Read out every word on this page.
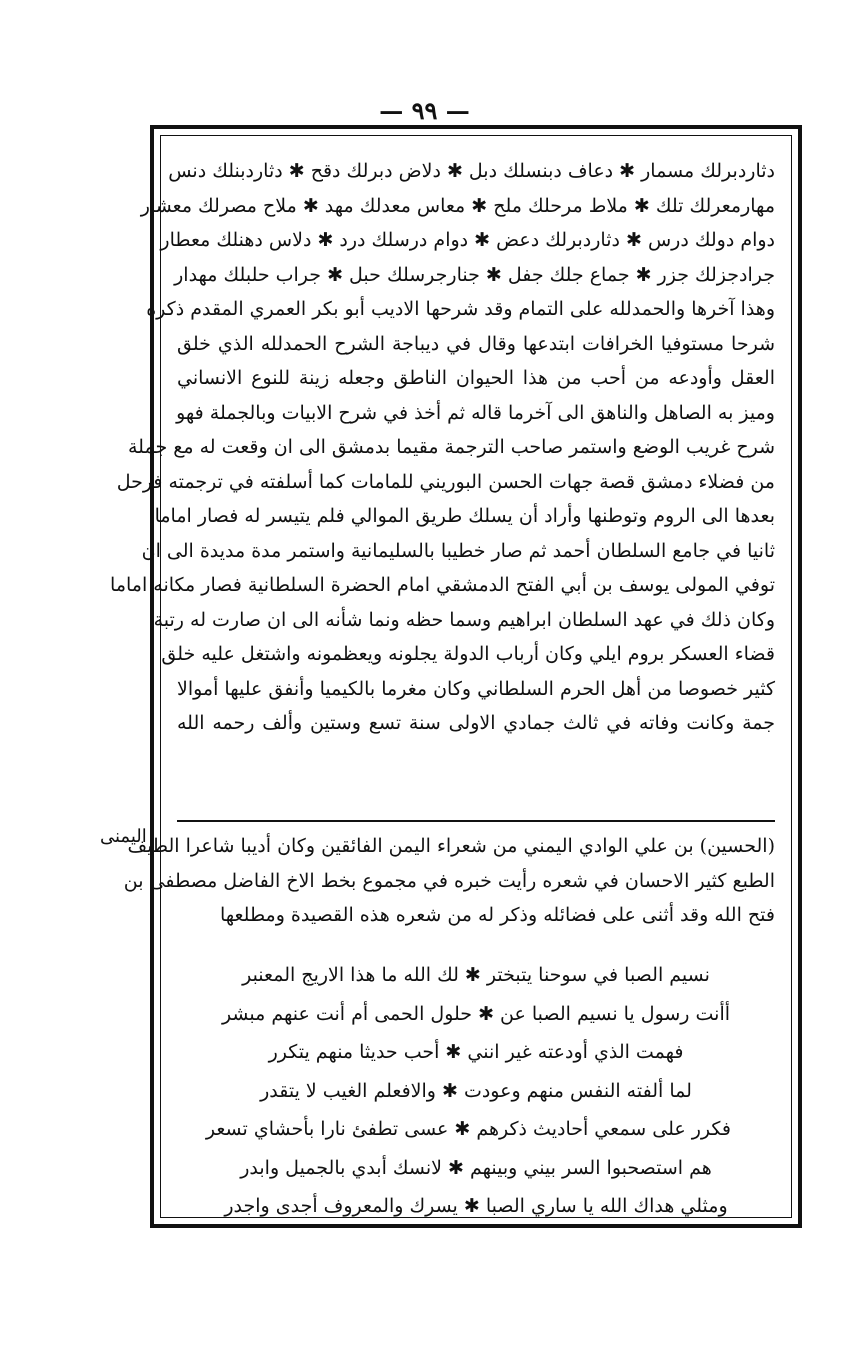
— ٩٩ —
اليمنى
دثاردبرلك مسمار ✱ دعاف دبنسلك دبل ✱ دلاض دبرلك دقح ✱ دثاردبنلك دنس
مهارمعرلك تلك ✱ ملاط مرحلك ملح ✱ معاس معدلك مهد ✱ ملاح مصرلك معشار
دوام دولك درس ✱ دثاردبرلك دعض ✱ دوام درسلك درد ✱ دلاس دهنلك معطار
جرادجزلك جزر ✱ جماع جلك جفل ✱ جنارجرسلك حبل ✱ جراب حلبلك مهدار
وهذا آخرها والحمدلله على التمام وقد شرحها الاديب أبو بكر العمري المقدم ذكره
شرحا مستوفيا الخرافات ابتدعها وقال في ديباجة الشرح الحمدلله الذي خلق
العقل وأودعه من أحب من هذا الحيوان الناطق وجعله زينة للنوع الانساني
وميز به الصاهل والناهق الى آخرما قاله ثم أخذ في شرح الابيات وبالجملة فهو
شرح غريب الوضع واستمر صاحب الترجمة مقيما بدمشق الى ان وقعت له مع جملة
من فضلاء دمشق قصة جهات الحسن البوريني للمامات كما أسلفته في ترجمته فرحل
بعدها الى الروم وتوطنها وأراد أن يسلك طريق الموالي فلم يتيسر له فصار اماما
ثانيا في جامع السلطان أحمد ثم صار خطيبا بالسليمانية واستمر مدة مديدة الى ان
توفي المولى يوسف بن أبي الفتح الدمشقي امام الحضرة السلطانية فصار مكانه اماما
وكان ذلك في عهد السلطان ابراهيم وسما حظه ونما شأنه الى ان صارت له رتبة
قضاء العسكر بروم ايلي وكان أرباب الدولة يجلونه ويعظمونه واشتغل عليه خلق
كثير خصوصا من أهل الحرم السلطاني وكان مغرما بالكيميا وأنفق عليها أموالا
جمة وكانت وفاته في ثالث جمادي الاولى سنة تسع وستين وألف رحمه الله
(الحسين) بن علي الوادي اليمني من شعراء اليمن الفائقين وكان أديبا شاعرا الطيف
الطبع كثير الاحسان في شعره رأيت خبره في مجموع بخط الاخ الفاضل مصطفى بن
فتح الله وقد أثنى على فضائله وذكر له من شعره هذه القصيدة ومطلعها
نسيم الصبا في سوحنا يتبختر ✱ لك الله ما هذا الاريج المعنبر
أأنت رسول يا نسيم الصبا عن ✱ حلول الحمى أم أنت عنهم مبشر
فهمت الذي أودعته غير انني ✱ أحب حديثا منهم يتكرر
لما ألفته النفس منهم وعودت ✱ والافعلم الغيب لا يتقدر
فكرر على سمعي أحاديث ذكرهم ✱ عسى تطفئ نارا بأحشاي تسعر
هم استصحبوا السر بيني وبينهم ✱ لانسك أبدي بالجميل وابدر
ومثلي هداك الله يا ساري الصبا ✱ يسرك والمعروف أجدى واجدر
